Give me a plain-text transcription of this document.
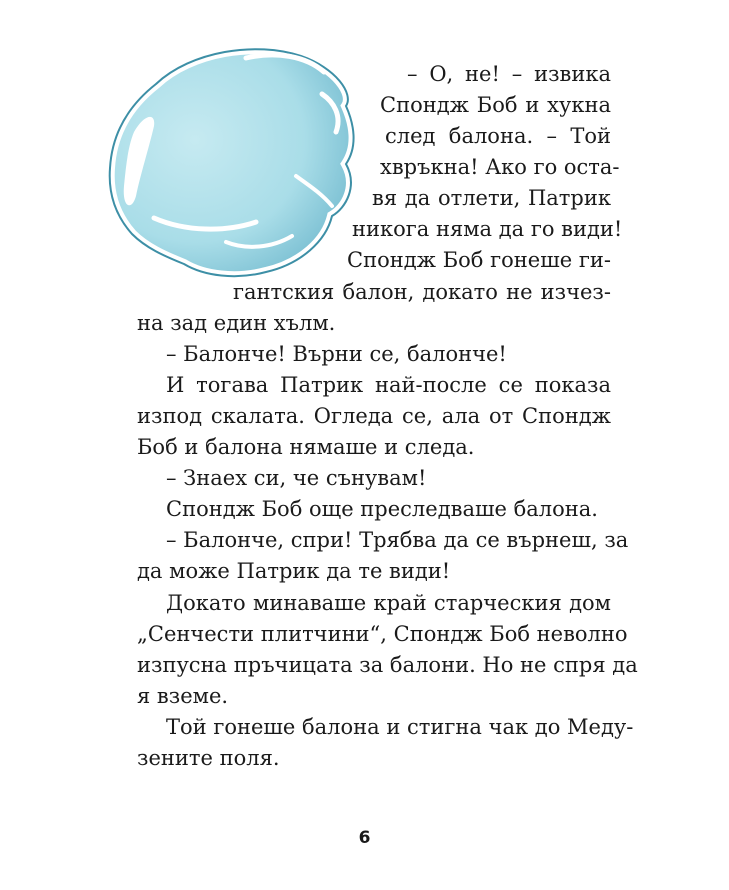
– О, не! – извика
Спондж Боб и хукна
след балона. – Той
хвръкна! Ако го оста-
вя да отлети, Патрик
никога няма да го види!
Спондж Боб гонеше ги-
гантския балон, докато не изчез-
на зад един хълм.
– Балонче! Върни се, балонче!
И тогава Патрик най-после се показа
изпод скалата. Огледа се, ала от Спондж
Боб и балона нямаше и следа.
– Знаех си, че сънувам!
Спондж Боб още преследваше балона.
– Балонче, спри! Трябва да се върнеш, за
да може Патрик да те види!
Докато минаваше край старческия дом
„Сенчести плитчини“, Спондж Боб неволно
изпусна пръчицата за балони. Но не спря да
я вземе.
Той гонеше балона и стигна чак до Меду-
зените поля.
6
